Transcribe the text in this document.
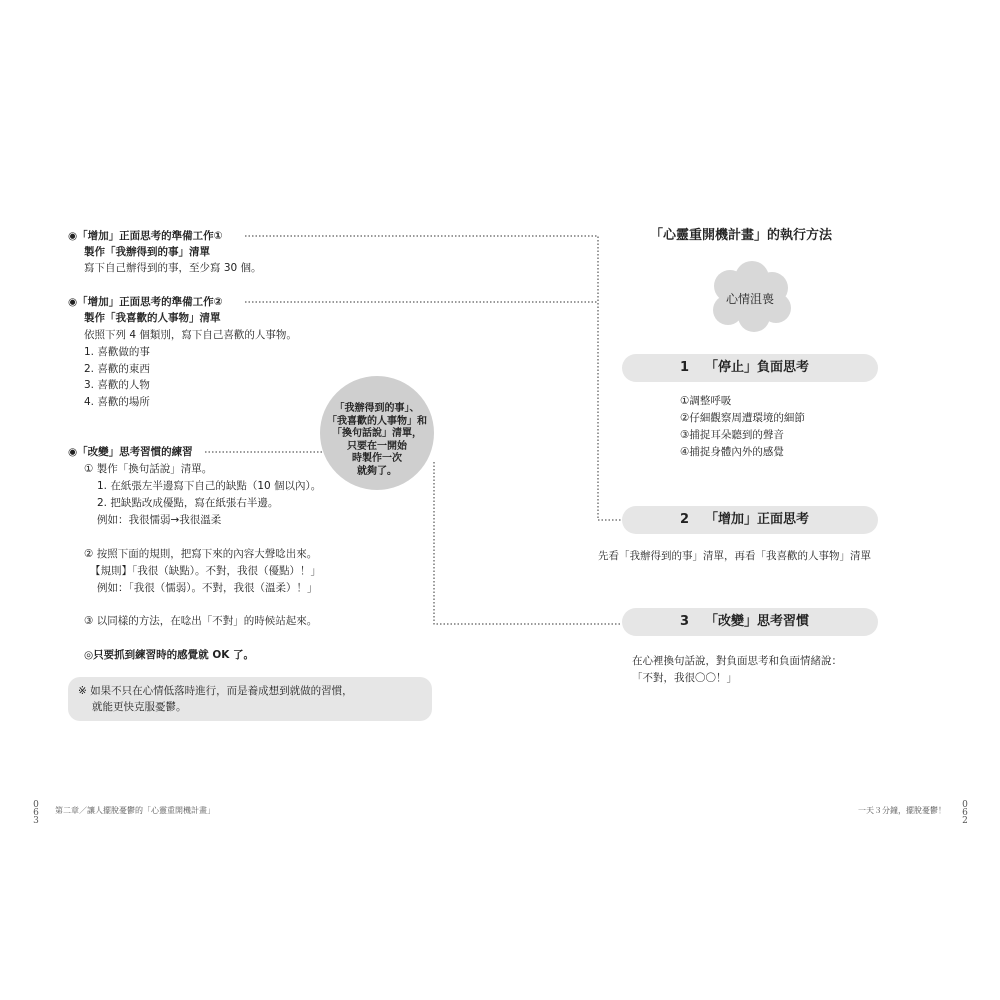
◉「增加」正面思考的準備工作①
製作「我辦得到的事」清單
寫下自己辦得到的事，至少寫 30 個。
◉「增加」正面思考的準備工作②
製作「我喜歡的人事物」清單
依照下列 4 個類別，寫下自己喜歡的人事物。
1. 喜歡做的事
2. 喜歡的東西
3. 喜歡的人物
4. 喜歡的場所
◉「改變」思考習慣的練習
① 製作「換句話說」清單。
1. 在紙張左半邊寫下自己的缺點（10 個以內）。
2. 把缺點改成優點，寫在紙張右半邊。
例如：我很懦弱→我很溫柔
② 按照下面的規則，把寫下來的內容大聲唸出來。
【規則】「我很（缺點）。不對，我很（優點）！」
例如：「我很（懦弱）。不對，我很（溫柔）！」
③ 以同樣的方法，在唸出「不對」的時候站起來。
◎只要抓到練習時的感覺就 OK 了。
※ 如果不只在心情低落時進行，而是養成想到就做的習慣，
就能更快克服憂鬱。
「我辦得到的事」、
「我喜歡的人事物」和
「換句話說」清單，
只要在一開始
時製作一次
就夠了。
「心靈重開機計畫」的執行方法
心情沮喪
1 「停止」負面思考
①調整呼吸
②仔細觀察周遭環境的細節
③捕捉耳朵聽到的聲音
④捕捉身體內外的感覺
2 「增加」正面思考
先看「我辦得到的事」清單，再看「我喜歡的人事物」清單
3 「改變」思考習慣
在心裡換句話說，對負面思考和負面情緒說：
「不對，我很〇〇！」
0
6
3
第二章／讓人擺脫憂鬱的「心靈重開機計畫」	一天３分鐘，擺脫憂鬱！
0
6
2
